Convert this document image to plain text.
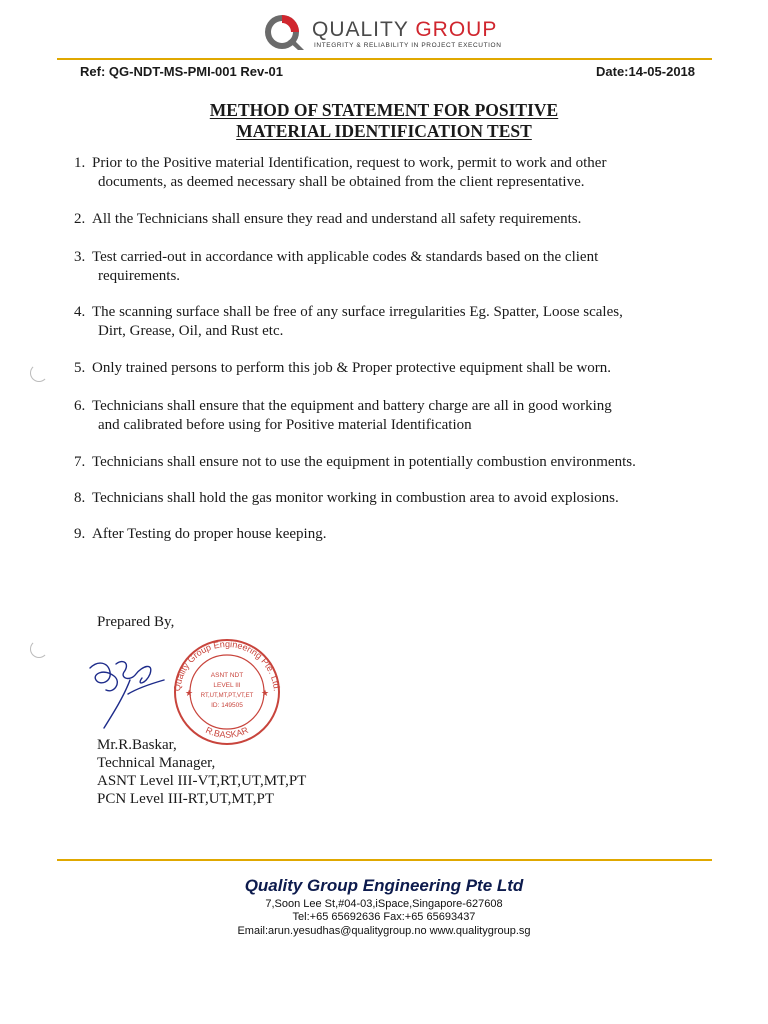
QUALITY GROUP
INTEGRITY & RELIABILITY IN PROJECT EXECUTION
Ref: QG-NDT-MS-PMI-001 Rev-01	Date:14-05-2018
METHOD OF STATEMENT FOR POSITIVE
MATERIAL IDENTIFICATION TEST
1. Prior to the Positive material Identification, request to work, permit to work and other
documents, as deemed necessary shall be obtained from the client representative.
2. All the Technicians shall ensure they read and understand all safety requirements.
3. Test carried-out in accordance with applicable codes & standards based on the client
requirements.
4. The scanning surface shall be free of any surface irregularities Eg. Spatter, Loose scales,
Dirt, Grease, Oil, and Rust etc.
5. Only trained persons to perform this job & Proper protective equipment shall be worn.
6. Technicians shall ensure that the equipment and battery charge are all in good working
and calibrated before using for Positive material Identification
7. Technicians shall ensure not to use the equipment in potentially combustion environments.
8. Technicians shall hold the gas monitor working in combustion area to avoid explosions.
9. After Testing do proper house keeping.
Prepared By,
Quality Group Engineering Pte. Ltd.
R.BASKAR
ASNT NDT
LEVEL III
RT,UT,MT,PT,VT,ET
ID: 149505
★	★
Mr.R.Baskar,
Technical Manager,
ASNT Level III-VT,RT,UT,MT,PT
PCN Level III-RT,UT,MT,PT
Quality Group Engineering Pte Ltd
7,Soon Lee St,#04-03,iSpace,Singapore-627608
Tel:+65 65692636 Fax:+65 65693437
Email:arun.yesudhas@qualitygroup.no www.qualitygroup.sg
